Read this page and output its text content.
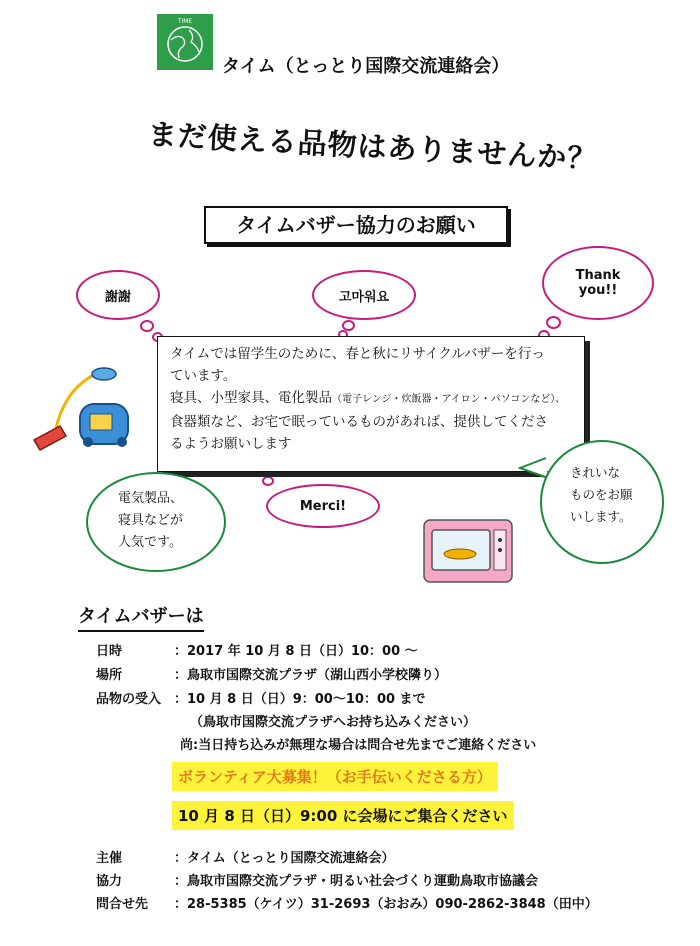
TIME
タイム（とっとり国際交流連絡会）
まだ使える品物はありませんか？
タイムバザー協力のお願い
謝謝	고마워요
Thank
you!!
Merci!
タイムでは留学生のために、春と秋にリサイクルバザーを行っ
ています。
寝具、小型家具、電化製品（電子レンジ・炊飯器・アイロン・パソコンなど）、
食器類など、お宅で眠っているものがあれば、提供してくださ
るようお願いします
電気製品、
寝具などが
人気です。
きれいな
ものをお願
いします。
タイムバザーは
日時	：2017 年 10 月 8 日（日）10：00 ～
場所	：鳥取市国際交流プラザ（湖山西小学校隣り）
品物の受入 ：10 月 8 日（日）9：00～10：00 まで
（鳥取市国際交流プラザへお持ち込みください）
尚:当日持ち込みが無理な場合は問合せ先までご連絡ください
ボランティア大募集！（お手伝いくださる方）
10 月 8 日（日）9:00 に会場にご集合ください
主催	：タイム（とっとり国際交流連絡会）
協力	：鳥取市国際交流プラザ・明るい社会づくり運動鳥取市協議会
問合せ先 ：28-5385（ケイツ）31-2693（おおみ）090-2862-3848（田中）
